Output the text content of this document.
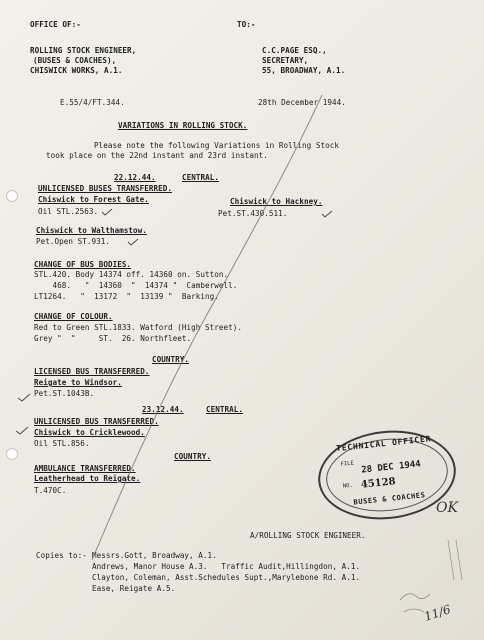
OFFICE OF:-	TO:-
ROLLING STOCK ENGINEER,
(BUSES & COACHES),
CHISWICK WORKS, A.1.
C.C.PAGE ESQ.,
SECRETARY,
55, BROADWAY, A.1.
E.55/4/FT.344.	28th December 1944.
VARIATIONS IN ROLLING STOCK.
Please note the following Variations in Rolling Stock
took place on the 22nd instant and 23rd instant.
22.12.44.	CENTRAL.
UNLICENSED BUSES TRANSFERRED.
Chiswick to Forest Gate.
Oil STL.2563.
Chiswick to Hackney.
Pet.ST.430.511.
Chiswick to Walthamstow.
Pet.Open ST.931.
CHANGE OF BUS BODIES.
STL.420. Body 14374 off. 14360 on. Sutton.
468.   "  14360  "  14374 "  Camberwell.
LT1264.   "  13172  "  13139 "  Barking.
CHANGE OF COLOUR.
Red to Green STL.1833. Watford (High Street).
Grey "  "     ST.  26. Northfleet.
COUNTRY.
LICENSED BUS TRANSFERRED.
Reigate to Windsor.
Pet.ST.1043B.
23.12.44.	CENTRAL.
UNLICENSED BUS TRANSFERRED.
Chiswick to Cricklewood.
Oil STL.856.
COUNTRY.
AMBULANCE TRANSFERRED.
Leatherhead to Reigate.
T.470C.
A/ROLLING STOCK ENGINEER.
Copies to:- Messrs.Gott, Broadway, A.1.
Andrews, Manor House A.3.   Traffic Audit,Hillingdon, A.1.
Clayton, Coleman, Asst.Schedules Supt.,Marylebone Rd. A.1.
Ease, Reigate A.5.
TECHNICAL OFFICER
FILE 28 DEC 1944
NO. 45128
BUSES & COACHES
OK
11/6
